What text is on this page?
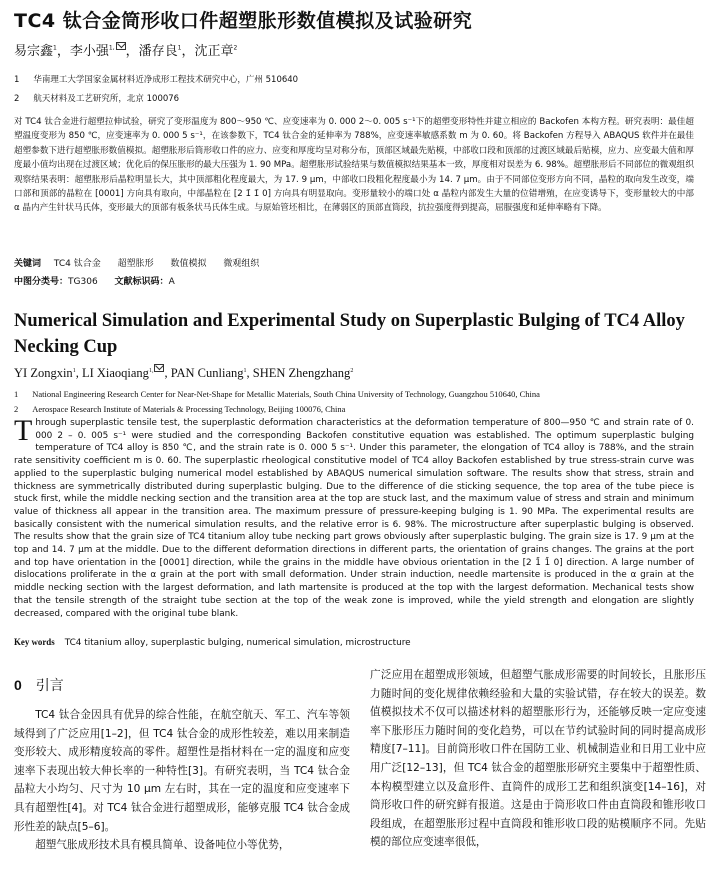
TC4 钛合金筒形收口件超塑胀形数值模拟及试验研究
易宗鑫$^1$，李小强$^{1,}$ ，潘存良$^1$，沈正章$^2$
1 华南理工大学国家金属材料近净成形工程技术研究中心，广州 510640
2 航天材料及工艺研究所，北京 100076
对 TC4 钛合金进行超塑拉伸试验，研究了变形温度为 800～950 ℃、应变速率为 0. 000 2～0. 005 s⁻¹下的超塑变形特性并建立相应的 Backofen 本构方程。研究表明：最佳超塑温度变形为 850 ℃，应变速率为 0. 000 5 s⁻¹，在该参数下，TC4 钛合金的延伸率为 788%，应变速率敏感系数 m 为 0. 60。将 Backofen 方程导入 ABAQUS 软件并在最佳超塑参数下进行超塑胀形数值模拟。超塑胀形后筒形收口件的应力、应变和厚度均呈对称分布，顶部区域最先贴模，中部收口段和顶部的过渡区域最后贴模，应力、应变最大值和厚度最小值均出现在过渡区域；优化后的保压胀形的最大压强为 1. 90 MPa。超塑胀形试验结果与数值模拟结果基本一致，厚度相对误差为 6. 98%。超塑胀形后不同部位的微观组织观察结果表明：超塑胀形后晶粒明显长大，其中顶部粗化程度最大，为 17. 9 μm，中部收口段粗化程度最小为 14. 7 μm。由于不同部位变形方向不同，晶粒的取向发生改变，端口部和顶部的晶粒在 [0001] 方向具有取向，中部晶粒在 [2 1̄ 1̄ 0] 方向具有明显取向。变形量较小的端口处 α 晶粒内部发生大量的位错增殖，在应变诱导下，变形量较大的中部 α 晶内产生针状马氏体，变形最大的顶部有板条状马氏体生成。与原始管坯相比，在薄弱区的顶部直筒段，抗拉强度得到提高，屈服强度和延伸率略有下降。
关键词 TC4 钛合金 超塑胀形 数值模拟 微观组织
中图分类号：TG306 文献标识码：A
Numerical Simulation and Experimental Study on Superplastic Bulging of TC4 Alloy Necking Cup
YI Zongxin$^1$, LI Xiaoqiang$^{1,}$ , PAN Cunliang$^1$, SHEN Zhengzhang$^2$
1 National Engineering Research Center for Near-Net-Shape for Metallic Materials, South China University of Technology, Guangzhou 510640, China
2 Aerospace Research Institute of Materials & Processing Technology, Beijing 100076, China
Through superplastic tensile test, the superplastic deformation characteristics at the deformation temperature of 800—950 ℃ and strain rate of 0. 000 2 – 0. 005 s⁻¹ were studied and the corresponding Backofen constitutive equation was established. The optimum superplastic bulging temperature of TC4 alloy is 850 ℃, and the strain rate is 0. 000 5 s⁻¹. Under this parameter, the elongation of TC4 alloy is 788%, and the strain rate sensitivity coefficient m is 0. 60. The superplastic rheological constitutive model of TC4 alloy Backofen established by true stress-strain curve was applied to the superplastic bulging numerical model established by ABAQUS numerical simulation software. The results show that stress, strain and thickness are symmetrically distributed during superplastic bulging. Due to the difference of die sticking sequence, the top area of the tube piece is stuck first, while the middle necking section and the transition area at the top are stuck last, and the maximum value of stress and strain and minimum value of thickness all appear in the transition area. The maximum pressure of pressure-keeping bulging is 1. 90 MPa. The experimental results are basically consistent with the numerical simulation results, and the relative error is 6. 98%. The microstructure after superplastic bulging is observed. The results show that the grain size of TC4 titanium alloy tube necking part grows obviously after superplastic bulging. The grain size is 17. 9 μm at the top and 14. 7 μm at the middle. Due to the different deformation directions in different parts, the orientation of grains changes. The grains at the port and top have orientation in the [0001] direction, while the grains in the middle have obvious orientation in the [2 1̄ 1̄ 0] direction. A large number of dislocations proliferate in the α grain at the port with small deformation. Under strain induction, needle martensite is produced in the α grain at the middle necking section with the largest deformation, and lath martensite is produced at the top with the largest deformation. Mechanical tests show that the tensile strength of the straight tube section at the top of the weak zone is improved, while the yield strength and elongation are slightly decreased, compared with the original tube blank.
Key words TC4 titanium alloy, superplastic bulging, numerical simulation, microstructure
0 引言

TC4 钛合金因具有优异的综合性能，在航空航天、军工、汽车等领域得到了广泛应用[1–2]，但 TC4 钛合金的成形性较差，难以用来制造变形较大、成形精度较高的零件。超塑性是指材料在一定的温度和应变速率下表现出较大伸长率的一种特性[3]。有研究表明，当 TC4 钛合金晶粒大小均匀、尺寸为 10 μm 左右时，其在一定的温度和应变速率下具有超塑性[4]。对 TC4 钛合金进行超塑成形，能够克服 TC4 钛合金成形性差的缺点[5–6]。

超塑气胀成形技术具有模具简单、设备吨位小等优势，

广泛应用在超塑成形领域，但超塑气胀成形需要的时间较长，且胀形压力随时间的变化规律依赖经验和大量的实验试错，存在较大的误差。数值模拟技术不仅可以描述材料的超塑胀形行为，还能够反映一定应变速率下胀形压力随时间的变化趋势，可以在节约试验时间的同时提高成形精度[7–11]。目前筒形收口件在国防工业、机械制造业和日用工业中应用广泛[12–13]，但 TC4 钛合金的超塑胀形研究主要集中于超塑性质、本构模型建立以及盒形件、直筒件的成形工艺和组织演变[14–16]，对筒形收口件的研究鲜有报道。这是由于筒形收口件由直筒段和锥形收口段组成，在超塑胀形过程中直筒段和锥形收口段的贴模顺序不同。先贴模的部位应变速率很低，
